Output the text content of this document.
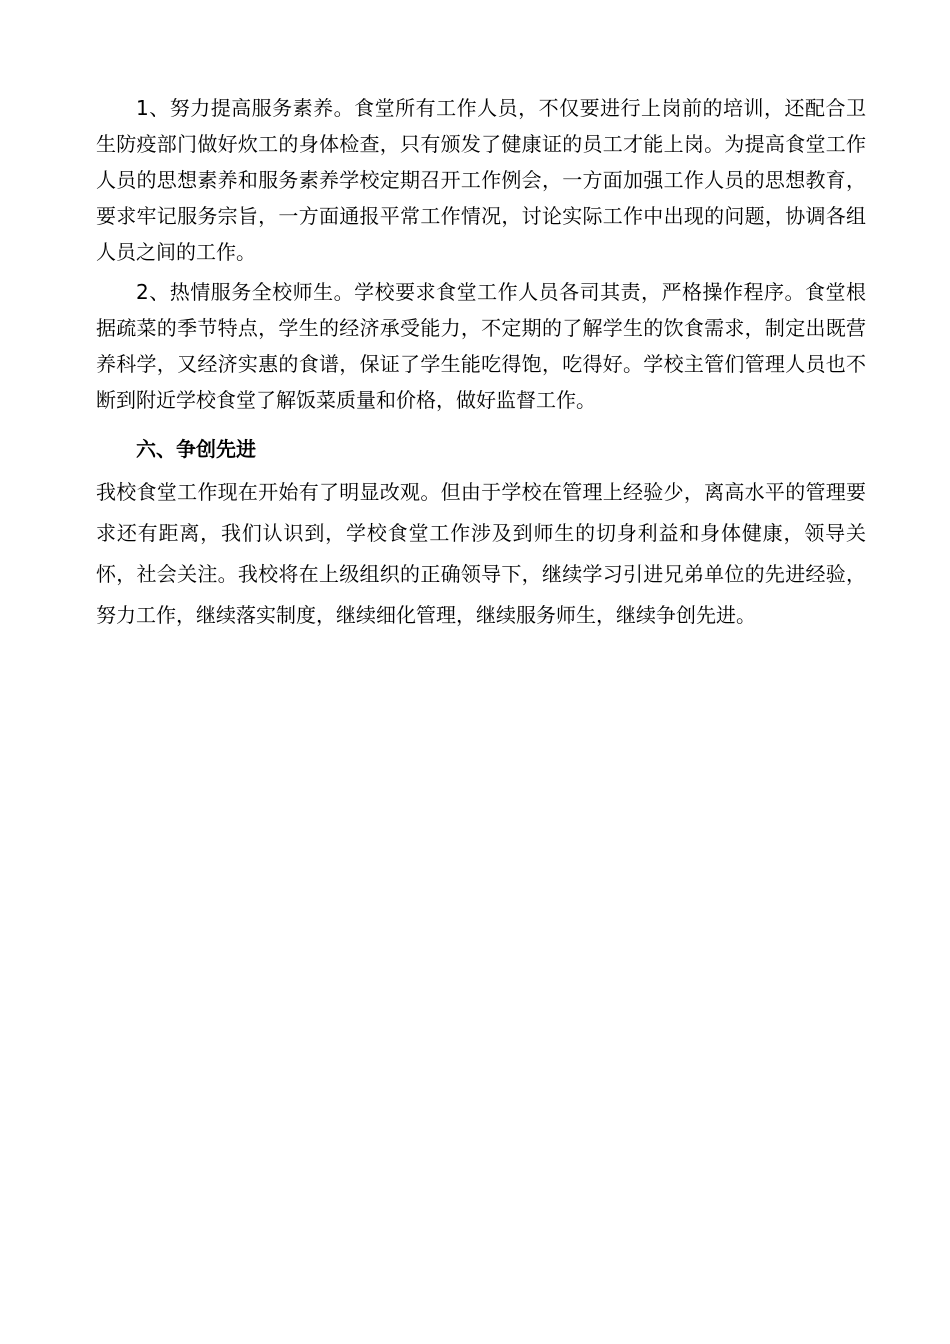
1、努力提高服务素养。食堂所有工作人员，不仅要进行上岗前的培训，还配合卫生防疫部门做好炊工的身体检查，只有颁发了健康证的员工才能上岗。为提高食堂工作人员的思想素养和服务素养学校定期召开工作例会，一方面加强工作人员的思想教育，要求牢记服务宗旨，一方面通报平常工作情况，讨论实际工作中出现的问题，协调各组人员之间的工作。

2、热情服务全校师生。学校要求食堂工作人员各司其责，严格操作程序。食堂根据疏菜的季节特点，学生的经济承受能力，不定期的了解学生的饮食需求，制定出既营养科学，又经济实惠的食谱，保证了学生能吃得饱，吃得好。学校主管们管理人员也不断到附近学校食堂了解饭菜质量和价格，做好监督工作。

六、争创先进

我校食堂工作现在开始有了明显改观。但由于学校在管理上经验少，离高水平的管理要求还有距离，我们认识到，学校食堂工作涉及到师生的切身利益和身体健康，领导关怀，社会关注。我校将在上级组织的正确领导下，继续学习引进兄弟单位的先进经验，努力工作，继续落实制度，继续细化管理，继续服务师生，继续争创先进。
